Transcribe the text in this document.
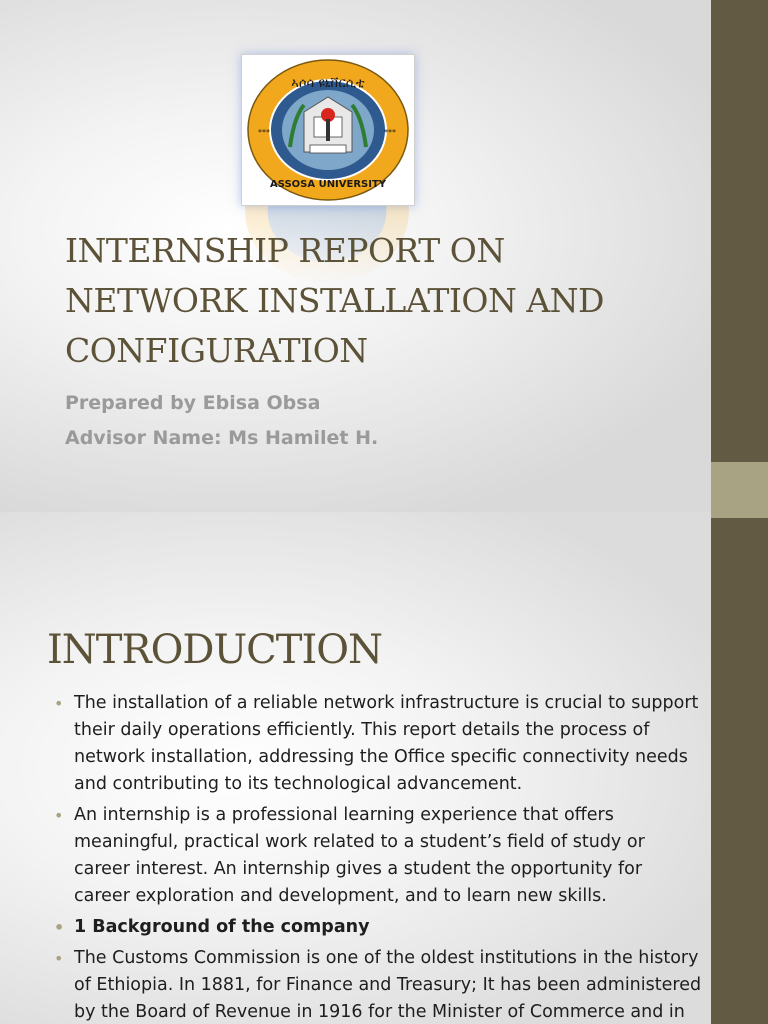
ኣሶሳ ዩኒቨርሲቲ
ASSOSA UNIVERSITY
***	***
INTERNSHIP REPORT ON NETWORK INSTALLATION AND CONFIGURATION

Prepared by Ebisa Obsa

Advisor Name: Ms Hamilet H.

INTRODUCTION
• The installation of a reliable network infrastructure is crucial to support
their daily operations efficiently. This report details the process of
network installation, addressing the Office specific connectivity needs
and contributing to its technological advancement.
• An internship is a professional learning experience that offers
meaningful, practical work related to a student’s field of study or
career interest. An internship gives a student the opportunity for
career exploration and development, and to learn new skills.
• 1 Background of the company
• The Customs Commission is one of the oldest institutions in the history
of Ethiopia. In 1881, for Finance and Treasury; It has been administered
by the Board of Revenue in 1916 for the Minister of Commerce and in
